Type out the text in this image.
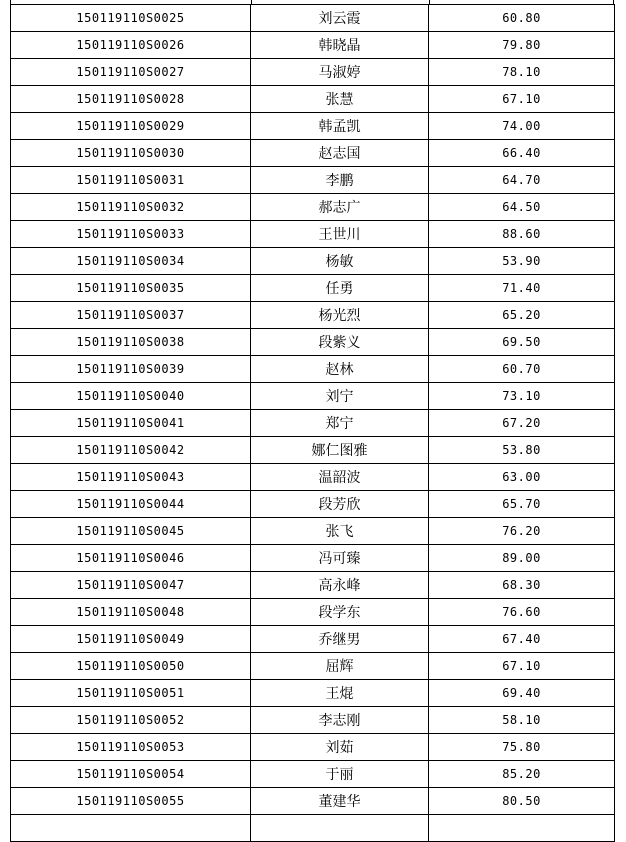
150119110S0025	刘云霞	60.80
150119110S0026	韩晓晶	79.80
150119110S0027	马淑婷	78.10
150119110S0028	张慧	67.10
150119110S0029	韩孟凯	74.00
150119110S0030	赵志国	66.40
150119110S0031	李鹏	64.70
150119110S0032	郝志广	64.50
150119110S0033	王世川	88.60
150119110S0034	杨敏	53.90
150119110S0035	任勇	71.40
150119110S0037	杨光烈	65.20
150119110S0038	段紫义	69.50
150119110S0039	赵林	60.70
150119110S0040	刘宁	73.10
150119110S0041	郑宁	67.20
150119110S0042	娜仁图雅	53.80
150119110S0043	温韶波	63.00
150119110S0044	段芳欣	65.70
150119110S0045	张飞	76.20
150119110S0046	冯可臻	89.00
150119110S0047	高永峰	68.30
150119110S0048	段学东	76.60
150119110S0049	乔继男	67.40
150119110S0050	屈辉	67.10
150119110S0051	王焜	69.40
150119110S0052	李志刚	58.10
150119110S0053	刘茹	75.80
150119110S0054	于丽	85.20
150119110S0055	董建华	80.50
